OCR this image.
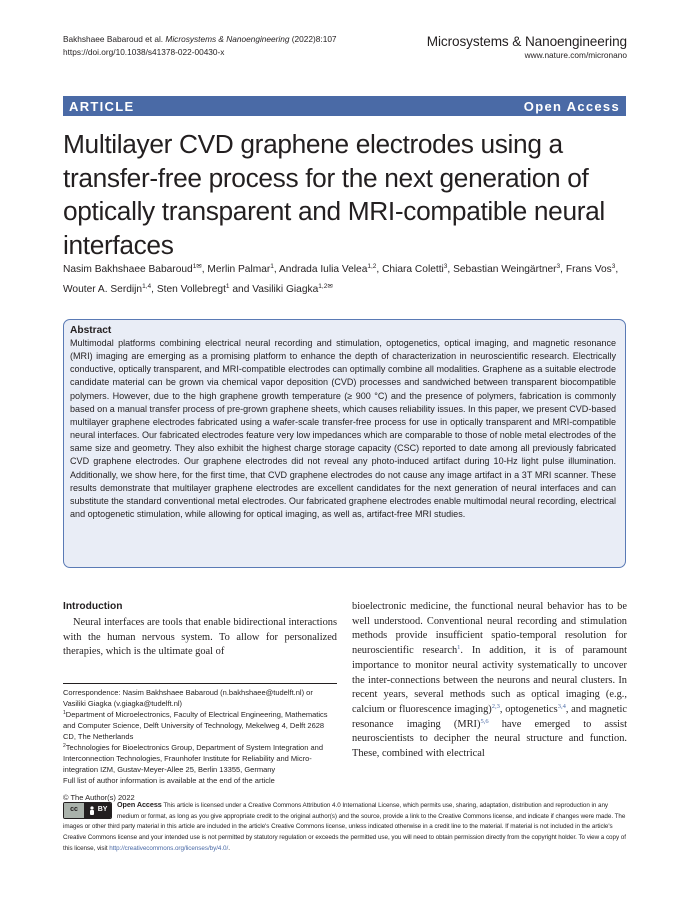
Bakhshaee Babaroud et al. Microsystems & Nanoengineering (2022)8:107
https://doi.org/10.1038/s41378-022-00430-x
Microsystems & Nanoengineering
www.nature.com/micronano
ARTICLE	Open Access
Multilayer CVD graphene electrodes using a transfer-free process for the next generation of optically transparent and MRI-compatible neural interfaces
Nasim Bakhshaee Babaroud$^{1✉}$, Merlin Palmar$^1$, Andrada Iulia Velea$^{1,2}$, Chiara Coletti$^3$, Sebastian Weingärtner$^3$, Frans Vos$^3$, Wouter A. Serdijn$^{1,4}$, Sten Vollebregt$^1$ and Vasiliki Giagka$^{1,2✉}$
Abstract

Multimodal platforms combining electrical neural recording and stimulation, optogenetics, optical imaging, and magnetic resonance (MRI) imaging are emerging as a promising platform to enhance the depth of characterization in neuroscientific research. Electrically conductive, optically transparent, and MRI-compatible electrodes can optimally combine all modalities. Graphene as a suitable electrode candidate material can be grown via chemical vapor deposition (CVD) processes and sandwiched between transparent biocompatible polymers. However, due to the high graphene growth temperature (≥ 900 °C) and the presence of polymers, fabrication is commonly based on a manual transfer process of pre-grown graphene sheets, which causes reliability issues. In this paper, we present CVD-based multilayer graphene electrodes fabricated using a wafer-scale transfer-free process for use in optically transparent and MRI-compatible neural interfaces. Our fabricated electrodes feature very low impedances which are comparable to those of noble metal electrodes of the same size and geometry. They also exhibit the highest charge storage capacity (CSC) reported to date among all previously fabricated CVD graphene electrodes. Our graphene electrodes did not reveal any photo-induced artifact during 10-Hz light pulse illumination. Additionally, we show here, for the first time, that CVD graphene electrodes do not cause any image artifact in a 3T MRI scanner. These results demonstrate that multilayer graphene electrodes are excellent candidates for the next generation of neural interfaces and can substitute the standard conventional metal electrodes. Our fabricated graphene electrodes enable multimodal neural recording, electrical and optogenetic stimulation, while allowing for optical imaging, as well as, artifact-free MRI studies.

Introduction
Neural interfaces are tools that enable bidirectional interactions with the human nervous system. To allow for personalized therapies, which is the ultimate goal of
bioelectronic medicine, the functional neural behavior has to be well understood. Conventional neural recording and stimulation methods provide insufficient spatio-temporal resolution for neuroscientific research$^1$. In addition, it is of paramount importance to monitor neural activity systematically to uncover the inter-connections between the neurons and neural clusters. In recent years, several methods such as optical imaging (e.g., calcium or fluorescence imaging)$^{2,3}$, optogenetics$^{3,4}$, and magnetic resonance imaging (MRI)$^{5,6}$ have emerged to assist neuroscientists to decipher the neural structure and function. These, combined with electrical
Correspondence: Nasim Bakhshaee Babaroud (n.bakhshaee@tudelft.nl) or
Vasiliki Giagka (v.giagka@tudelft.nl)
$^1$Department of Microelectronics, Faculty of Electrical Engineering, Mathematics and Computer Science, Delft University of Technology, Mekelweg 4, Delft 2628 CD, The Netherlands
$^2$Technologies for Bioelectronics Group, Department of System Integration and Interconnection Technologies, Fraunhofer Institute for Reliability and Micro-integration IZM, Gustav-Meyer-Allee 25, Berlin 13355, Germany
Full list of author information is available at the end of the article
© The Author(s) 2022
cc	BY
Open Access This article is licensed under a Creative Commons Attribution 4.0 International License, which permits use, sharing, adaptation, distribution and reproduction in any medium or format, as long as you give appropriate credit to the original author(s) and the source, provide a link to the Creative Commons license, and indicate if changes were made. The images or other third party material in this article are included in the article's Creative Commons license, unless indicated otherwise in a credit line to the material. If material is not included in the article's Creative Commons license and your intended use is not permitted by statutory regulation or exceeds the permitted use, you will need to obtain permission directly from the copyright holder. To view a copy of this license, visit http://creativecommons.org/licenses/by/4.0/.
